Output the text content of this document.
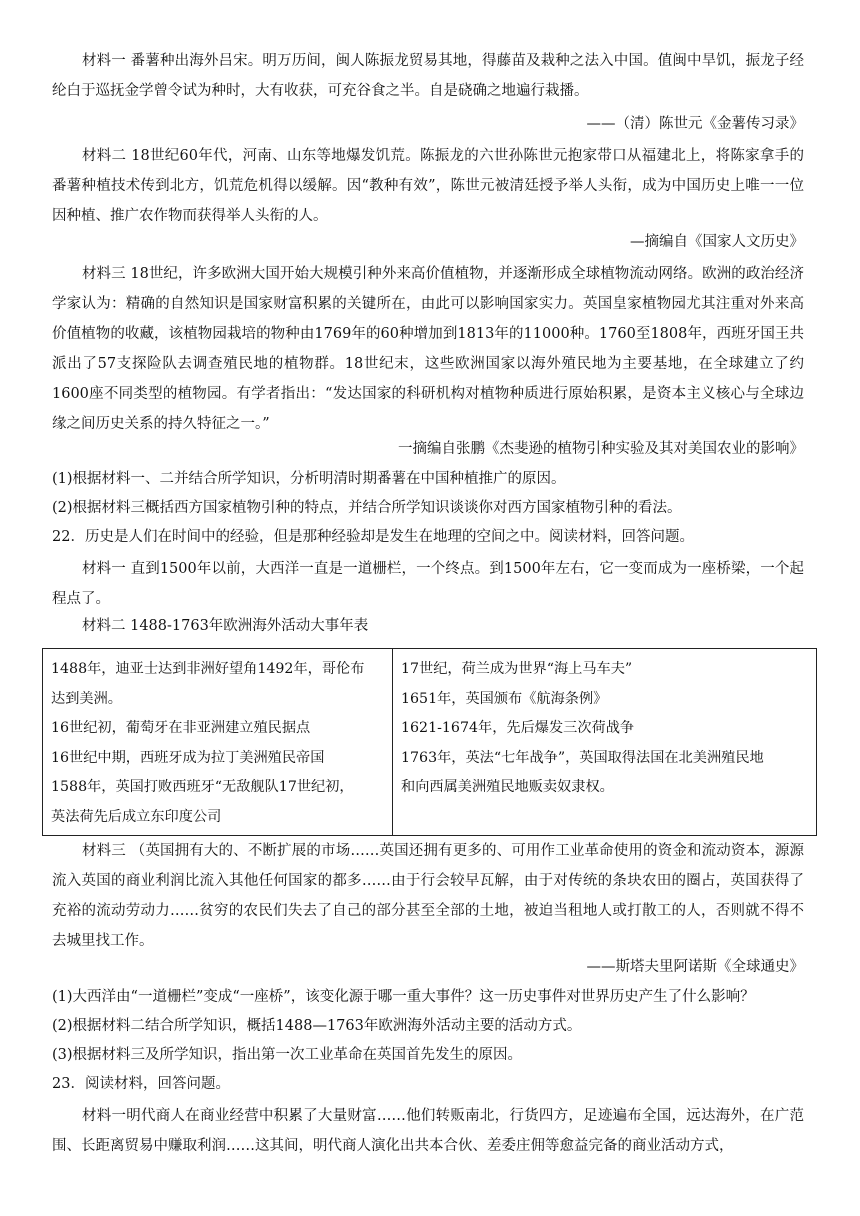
材料一 番薯种出海外吕宋。明万历间，闽人陈振龙贸易其地，得藤苗及栽种之法入中国。值闽中旱饥，振龙子经纶白于巡抚金学曾令试为种时，大有收获，可充谷食之半。自是硗确之地遍行栽播。

——（清）陈世元《金薯传习录》

材料二 18世纪60年代，河南、山东等地爆发饥荒。陈振龙的六世孙陈世元抱家带口从福建北上，将陈家拿手的番薯种植技术传到北方，饥荒危机得以缓解。因“教种有效”，陈世元被清廷授予举人头衔，成为中国历史上唯一一位因种植、推广农作物而获得举人头衔的人。

—摘编自《国家人文历史》

材料三 18世纪，许多欧洲大国开始大规模引种外来高价值植物，并逐渐形成全球植物流动网络。欧洲的政治经济学家认为：精确的自然知识是国家财富积累的关键所在，由此可以影响国家实力。英国皇家植物园尤其注重对外来高价值植物的收藏，该植物园栽培的物种由1769年的60种增加到1813年的11000种。1760至1808年，西班牙国王共派出了57支探险队去调查殖民地的植物群。18世纪末，这些欧洲国家以海外殖民地为主要基地，在全球建立了约1600座不同类型的植物园。有学者指出：“发达国家的科研机构对植物种质进行原始积累，是资本主义核心与全球边缘之间历史关系的持久特征之一。”

一摘编自张鹏《杰斐逊的植物引种实验及其对美国农业的影响》

(1)根据材料一、二并结合所学知识，分析明清时期番薯在中国种植推广的原因。

(2)根据材料三概括西方国家植物引种的特点，并结合所学知识谈谈你对西方国家植物引种的看法。

22．历史是人们在时间中的经验，但是那种经验却是发生在地理的空间之中。阅读材料，回答问题。

材料一 直到1500年以前，大西洋一直是一道栅栏，一个终点。到1500年左右，它一变而成为一座桥梁，一个起程点了。

材料二 1488-1763年欧洲海外活动大事年表

1488年，迪亚士达到非洲好望角1492年，哥伦布
达到美洲。
16世纪初，葡萄牙在非亚洲建立殖民据点
16世纪中期，西班牙成为拉丁美洲殖民帝国
1588年，英国打败西班牙“无敌舰队17世纪初，
英法荷先后成立东印度公司

17世纪，荷兰成为世界“海上马车夫”
1651年，英国颁布《航海条例》
1621-1674年，先后爆发三次荷战争
1763年，英法“七年战争”，英国取得法国在北美洲殖民地
和向西属美洲殖民地贩卖奴隶权。

材料三 （英国拥有大的、不断扩展的市场……英国还拥有更多的、可用作工业革命使用的资金和流动资本，源源流入英国的商业利润比流入其他任何国家的都多……由于行会较早瓦解，由于对传统的条块农田的圈占，英国获得了充裕的流动劳动力……贫穷的农民们失去了自己的部分甚至全部的土地，被迫当租地人或打散工的人，否则就不得不去城里找工作。

——斯塔夫里阿诺斯《全球通史》

(1)大西洋由“一道栅栏”变成“一座桥”，该变化源于哪一重大事件？这一历史事件对世界历史产生了什么影响？

(2)根据材料二结合所学知识，概括1488—1763年欧洲海外活动主要的活动方式。

(3)根据材料三及所学知识，指出第一次工业革命在英国首先发生的原因。

23．阅读材料，回答问题。

材料一明代商人在商业经营中积累了大量财富……他们转贩南北，行货四方，足迹遍布全国，远达海外，在广范围、长距离贸易中赚取利润……这其间，明代商人演化出共本合伙、差委庄佣等愈益完备的商业活动方式，
